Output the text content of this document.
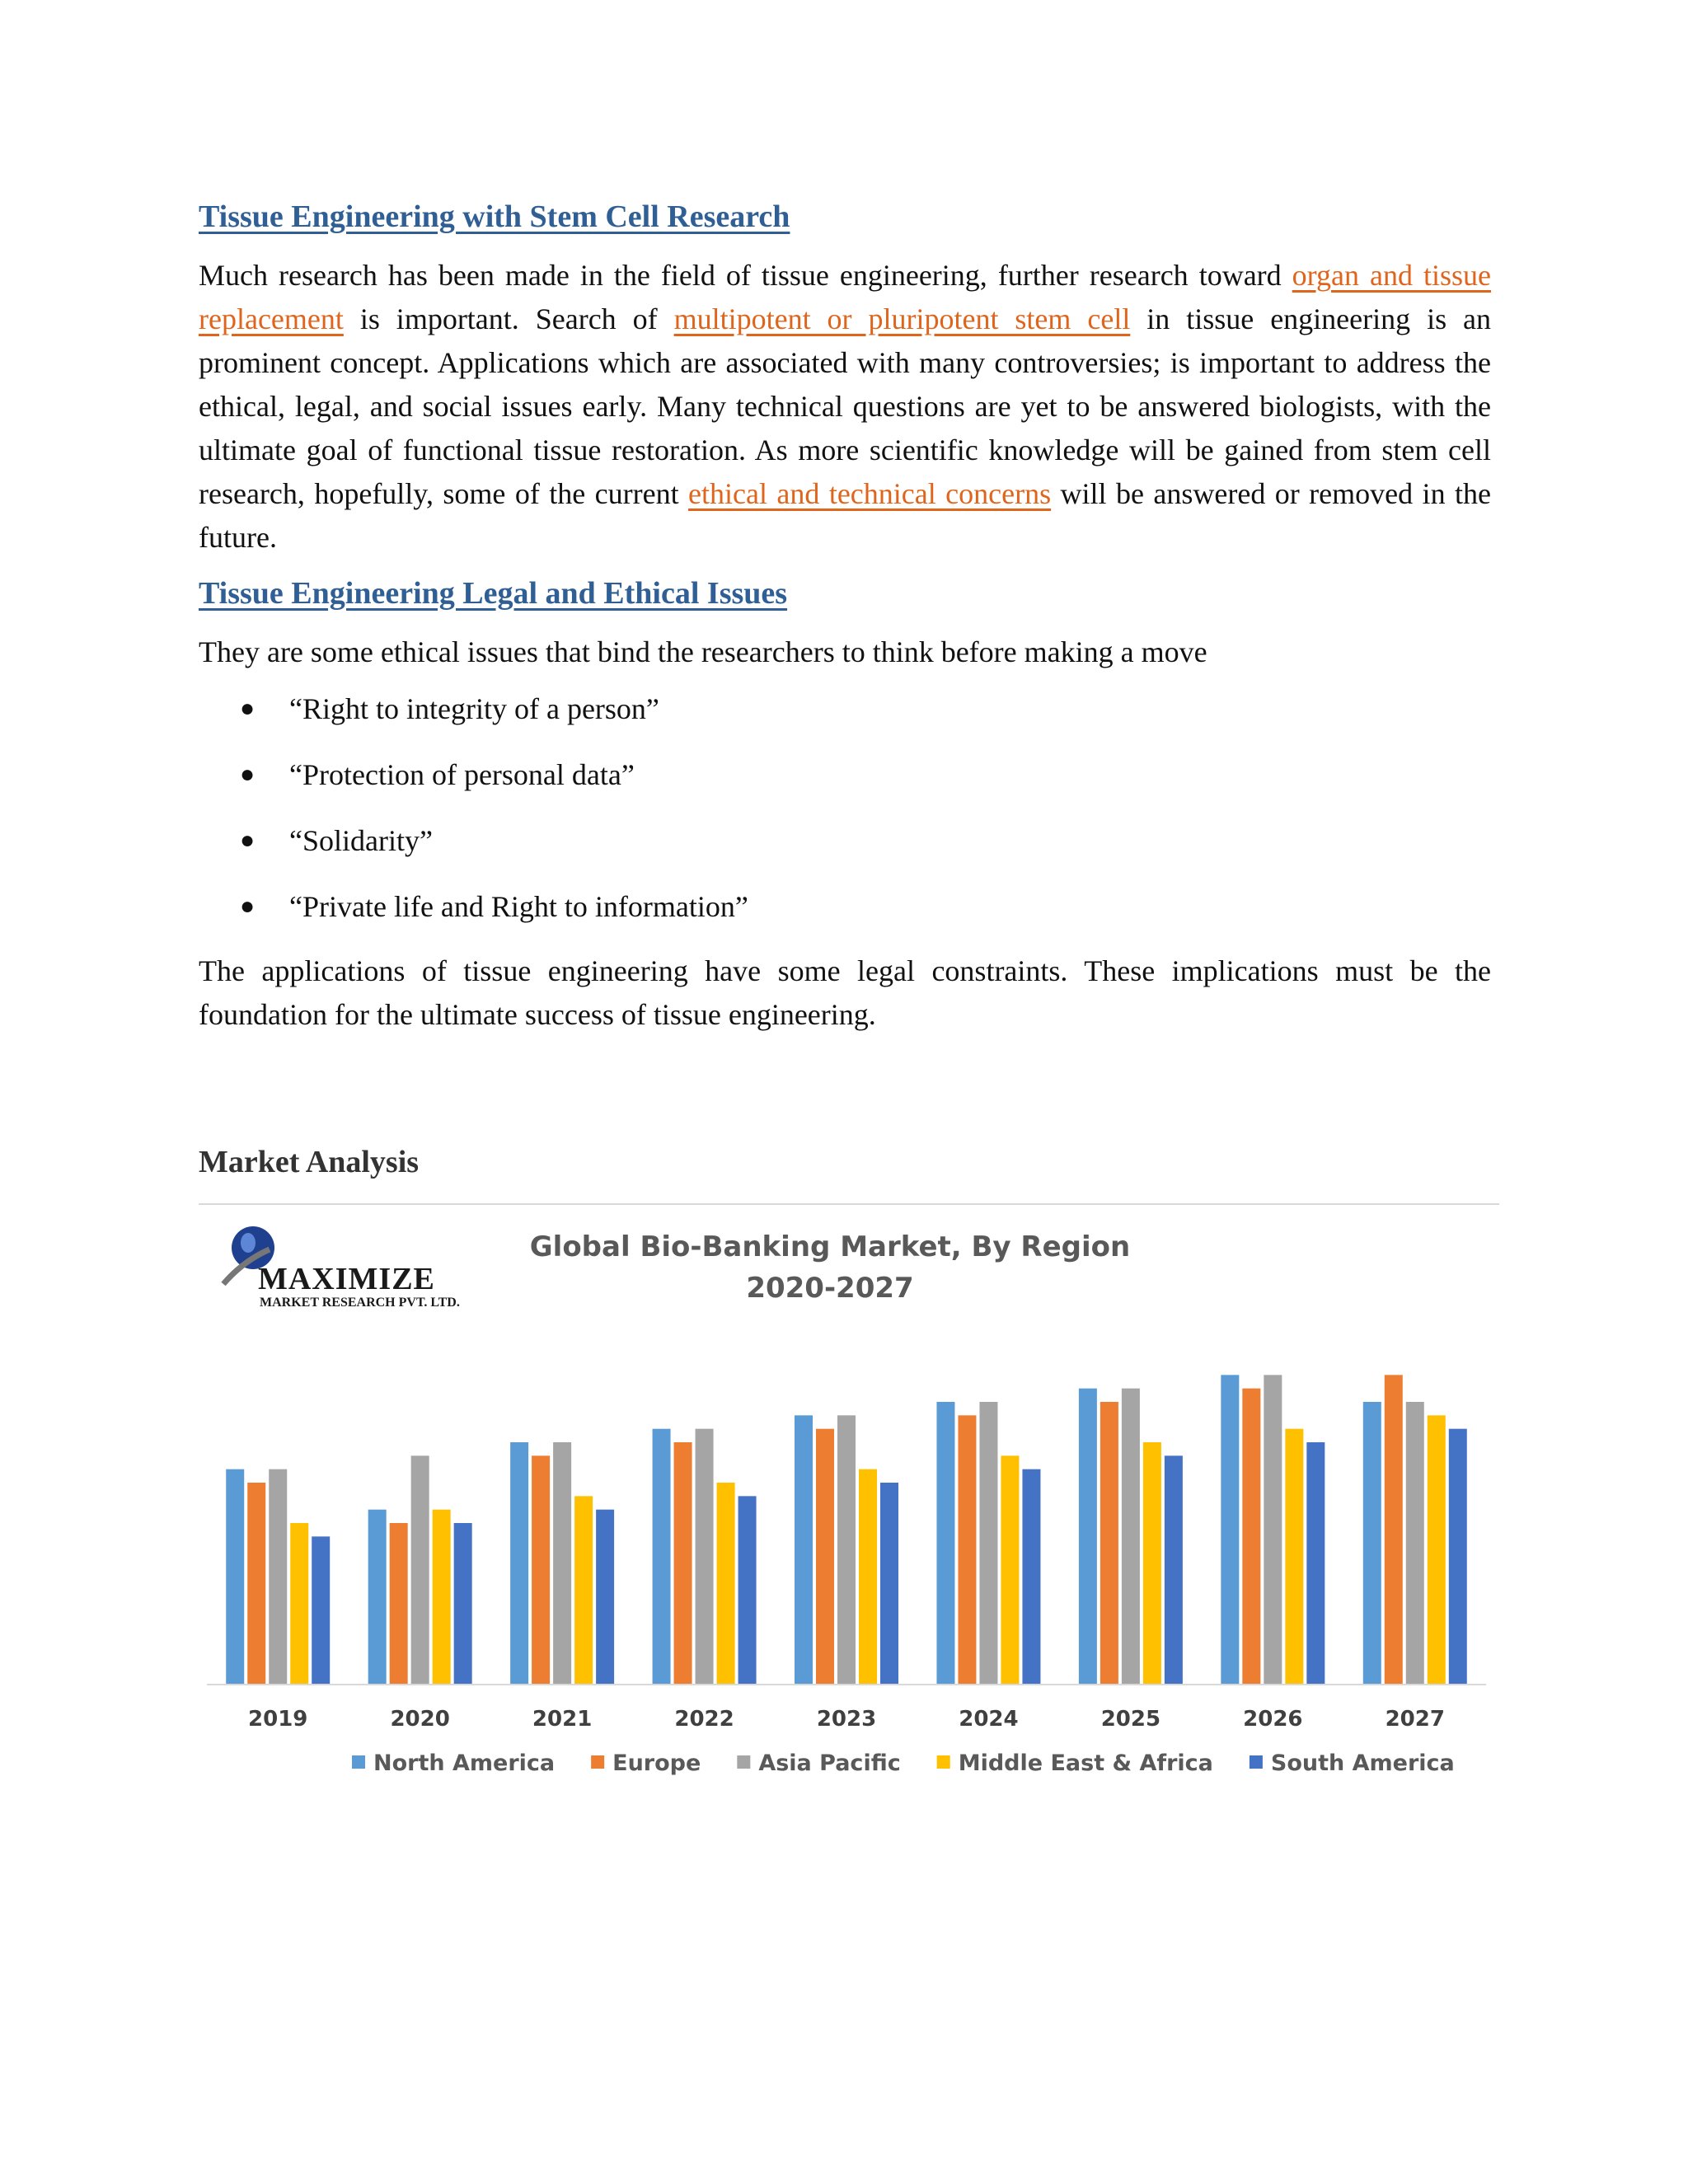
Tissue Engineering with Stem Cell Research

Much research has been made in the field of tissue engineering, further research toward organ and tissue replacement is important. Search of multipotent or pluripotent stem cell in tissue engineering is an prominent concept. Applications which are associated with many controversies; is important to address the ethical, legal, and social issues early. Many technical questions are yet to be answered biologists, with the ultimate goal of functional tissue restoration. As more scientific knowledge will be gained from stem cell research, hopefully, some of the current ethical and technical concerns will be answered or removed in the future.

Tissue Engineering Legal and Ethical Issues

They are some ethical issues that bind the researchers to think before making a move

● “Right to integrity of a person”
● “Protection of personal data”
● “Solidarity”
● “Private life and Right to information”

The applications of tissue engineering have some legal constraints. These implications must be the foundation for the ultimate success of tissue engineering.

Market Analysis
MAXIMIZE
MARKET RESEARCH PVT. LTD.
Global Bio-Banking Market, By Region
2020-2027
2019	2020	2021	2022	2023	2024	2025	2026	2027
North America	Europe	Asia Pacific	Middle East & Africa	South America
